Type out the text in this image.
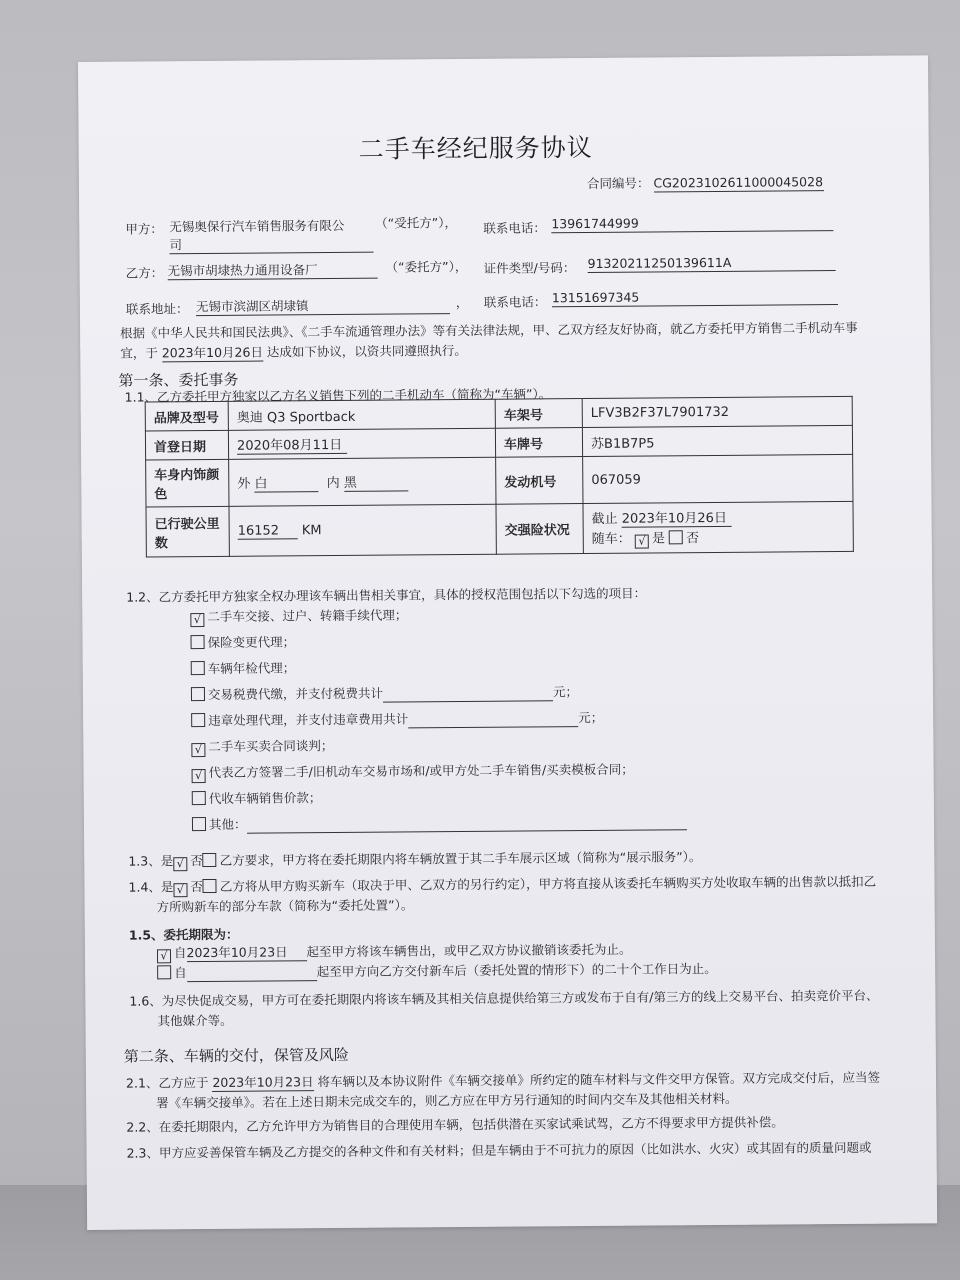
二手车经纪服务协议
合同编号： CG2023102611000045028
甲方： 无锡奥保行汽车销售服务有限公
司
（“受托方”）， 联系电话： 13961744999
乙方： 无锡市胡埭热力通用设备厂	（“委托方”）， 证件类型/号码： 91320211250139611A
联系地址： 无锡市滨湖区胡埭镇	， 联系电话： 13151697345
根据《中华人民共和国民法典》、《二手车流通管理办法》等有关法律法规，甲、乙双方经友好协商，就乙方委托甲方销售二手机动车事
宜，于 2023年10月26日 达成如下协议，以资共同遵照执行。
第一条、委托事务
1.1、乙方委托甲方独家以乙方名义销售下列的二手机动车（简称为“车辆”）。
品牌及型号	奥迪 Q3 Sportback	车架号	LFV3B2F37L7901732
首登日期	2020年08月11日	车牌号	苏B1B7P5
车身内饰颜色	外 白 内 黑	发动机号	067059
已行驶公里数	16152 KM	交强险状况	截止 2023年10月26日
随车： √ 是 否
1.2、乙方委托甲方独家全权办理该车辆出售相关事宜，具体的授权范围包括以下勾选的项目：
√ 二手车交接、过户、转籍手续代理；
保险变更代理；
车辆年检代理；
交易税费代缴，并支付税费共计	元；
违章处理代理，并支付违章费用共计	元；
√ 二手车买卖合同谈判；
√ 代表乙方签署二手/旧机动车交易市场和/或甲方处二手车销售/买卖模板合同；
代收车辆销售价款；
其他：
1.3、是 √ 否 乙方要求，甲方将在委托期限内将车辆放置于其二手车展示区域（简称为“展示服务”）。
1.4、是 √ 否 乙方将从甲方购买新车（取决于甲、乙双方的另行约定），甲方将直接从该委托车辆购买方处收取车辆的出售款以抵扣乙
方所购新车的部分车款（简称为“委托处置”）。
1.5、委托期限为：
√ 自2023年10月23日 起至甲方将该车辆售出，或甲乙双方协议撤销该委托为止。
自	起至甲方向乙方交付新车后（委托处置的情形下）的二十个工作日为止。
1.6、为尽快促成交易，甲方可在委托期限内将该车辆及其相关信息提供给第三方或发布于自有/第三方的线上交易平台、拍卖竞价平台、
其他媒介等。
第二条、车辆的交付，保管及风险
2.1、乙方应于 2023年10月23日 将车辆以及本协议附件《车辆交接单》所约定的随车材料与文件交甲方保管。双方完成交付后，应当签
署《车辆交接单》。若在上述日期未完成交车的，则乙方应在甲方另行通知的时间内交车及其他相关材料。
2.2、在委托期限内，乙方允许甲方为销售目的合理使用车辆，包括供潜在买家试乘试驾，乙方不得要求甲方提供补偿。
2.3、甲方应妥善保管车辆及乙方提交的各种文件和有关材料；但是车辆由于不可抗力的原因（比如洪水、火灾）或其固有的质量问题或
